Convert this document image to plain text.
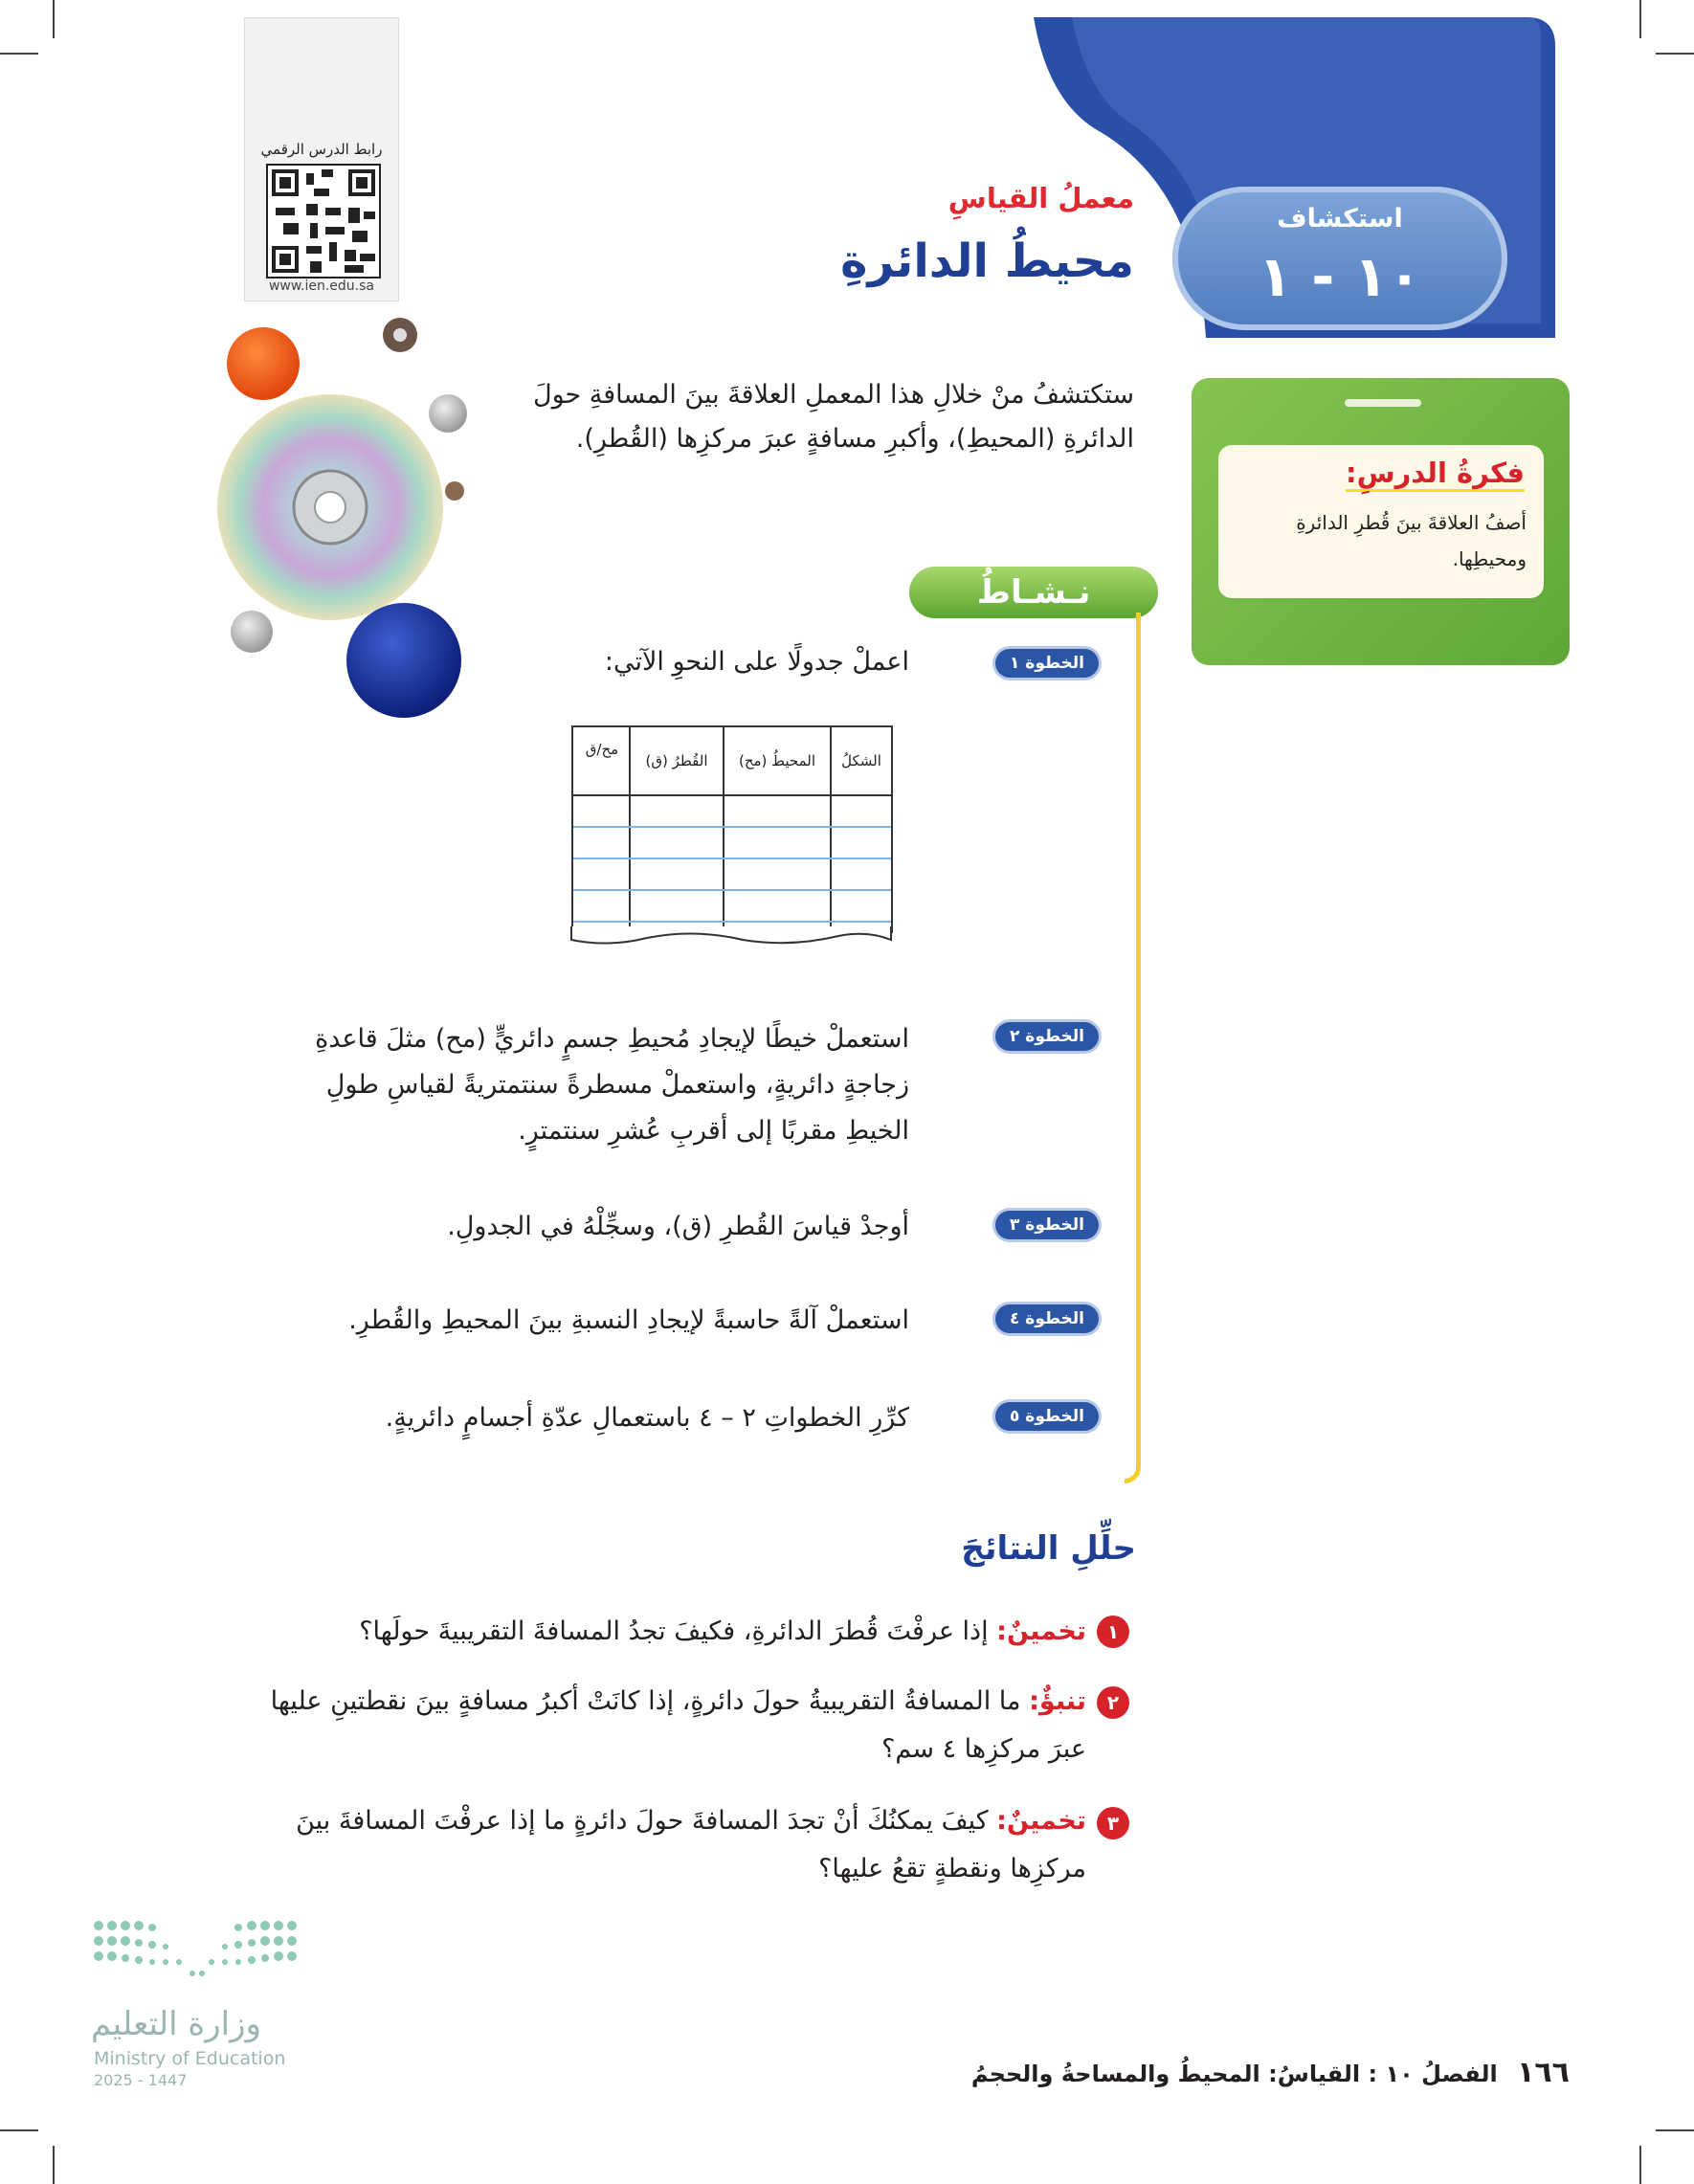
استكشاف
١٠ - ١
معملُ القياسِ
محيطُ الدائرةِ
رابط الدرس الرقمي
www.ien.edu.sa
فكرةُ الدرسِ:
أصفُ العلاقةَ بينَ قُطرِ الدائرةِ ومحيطِها.
ستكتشفُ منْ خلالِ هذا المعملِ العلاقةَ بينَ المسافةِ حولَ الدائرةِ (المحيطِ)، وأكبرِ مسافةٍ عبرَ مركزِها (القُطرِ).
نـشـاطُ
الخطوة ١
اعملْ جدولًا على النحوِ الآتي:
الشكلُ
المحيطُ (مح)
القُطرُ (ق)
مح/ق
الخطوة ٢
استعملْ خيطًا لإيجادِ مُحيطِ جسمٍ دائريٍّ (مح) مثلَ قاعدةِ زجاجةٍ دائريةٍ، واستعملْ مسطرةً سنتمتريةً لقياسِ طولِ الخيطِ مقربًا إلى أقربِ عُشرِ سنتمترٍ.
الخطوة ٣
أوجدْ قياسَ القُطرِ (ق)، وسجِّلْهُ في الجدولِ.
الخطوة ٤
استعملْ آلةً حاسبةً لإيجادِ النسبةِ بينَ المحيطِ والقُطرِ.
الخطوة ٥
كرِّرِ الخطواتِ ٢ – ٤ باستعمالِ عدّةِ أجسامٍ دائريةٍ.
حلِّلِ النتائجَ
١
تخمينٌ: إذا عرفْتَ قُطرَ الدائرةِ، فكيفَ تجدُ المسافةَ التقريبيةَ حولَها؟
٢
تنبؤٌ: ما المسافةُ التقريبيةُ حولَ دائرةٍ، إذا كانَتْ أكبرُ مسافةٍ بينَ نقطتينِ عليها عبرَ مركزِها ٤ سم؟
٣
تخمينٌ: كيفَ يمكنُكَ أنْ تجدَ المسافةَ حولَ دائرةٍ ما إذا عرفْتَ المسافةَ بينَ مركزِها ونقطةٍ تقعُ عليها؟
وزارة التعليم
Ministry of Education
2025 - 1447	١٦٦ الفصلُ ١٠ : القياسُ: المحيطُ والمساحةُ والحجمُ
